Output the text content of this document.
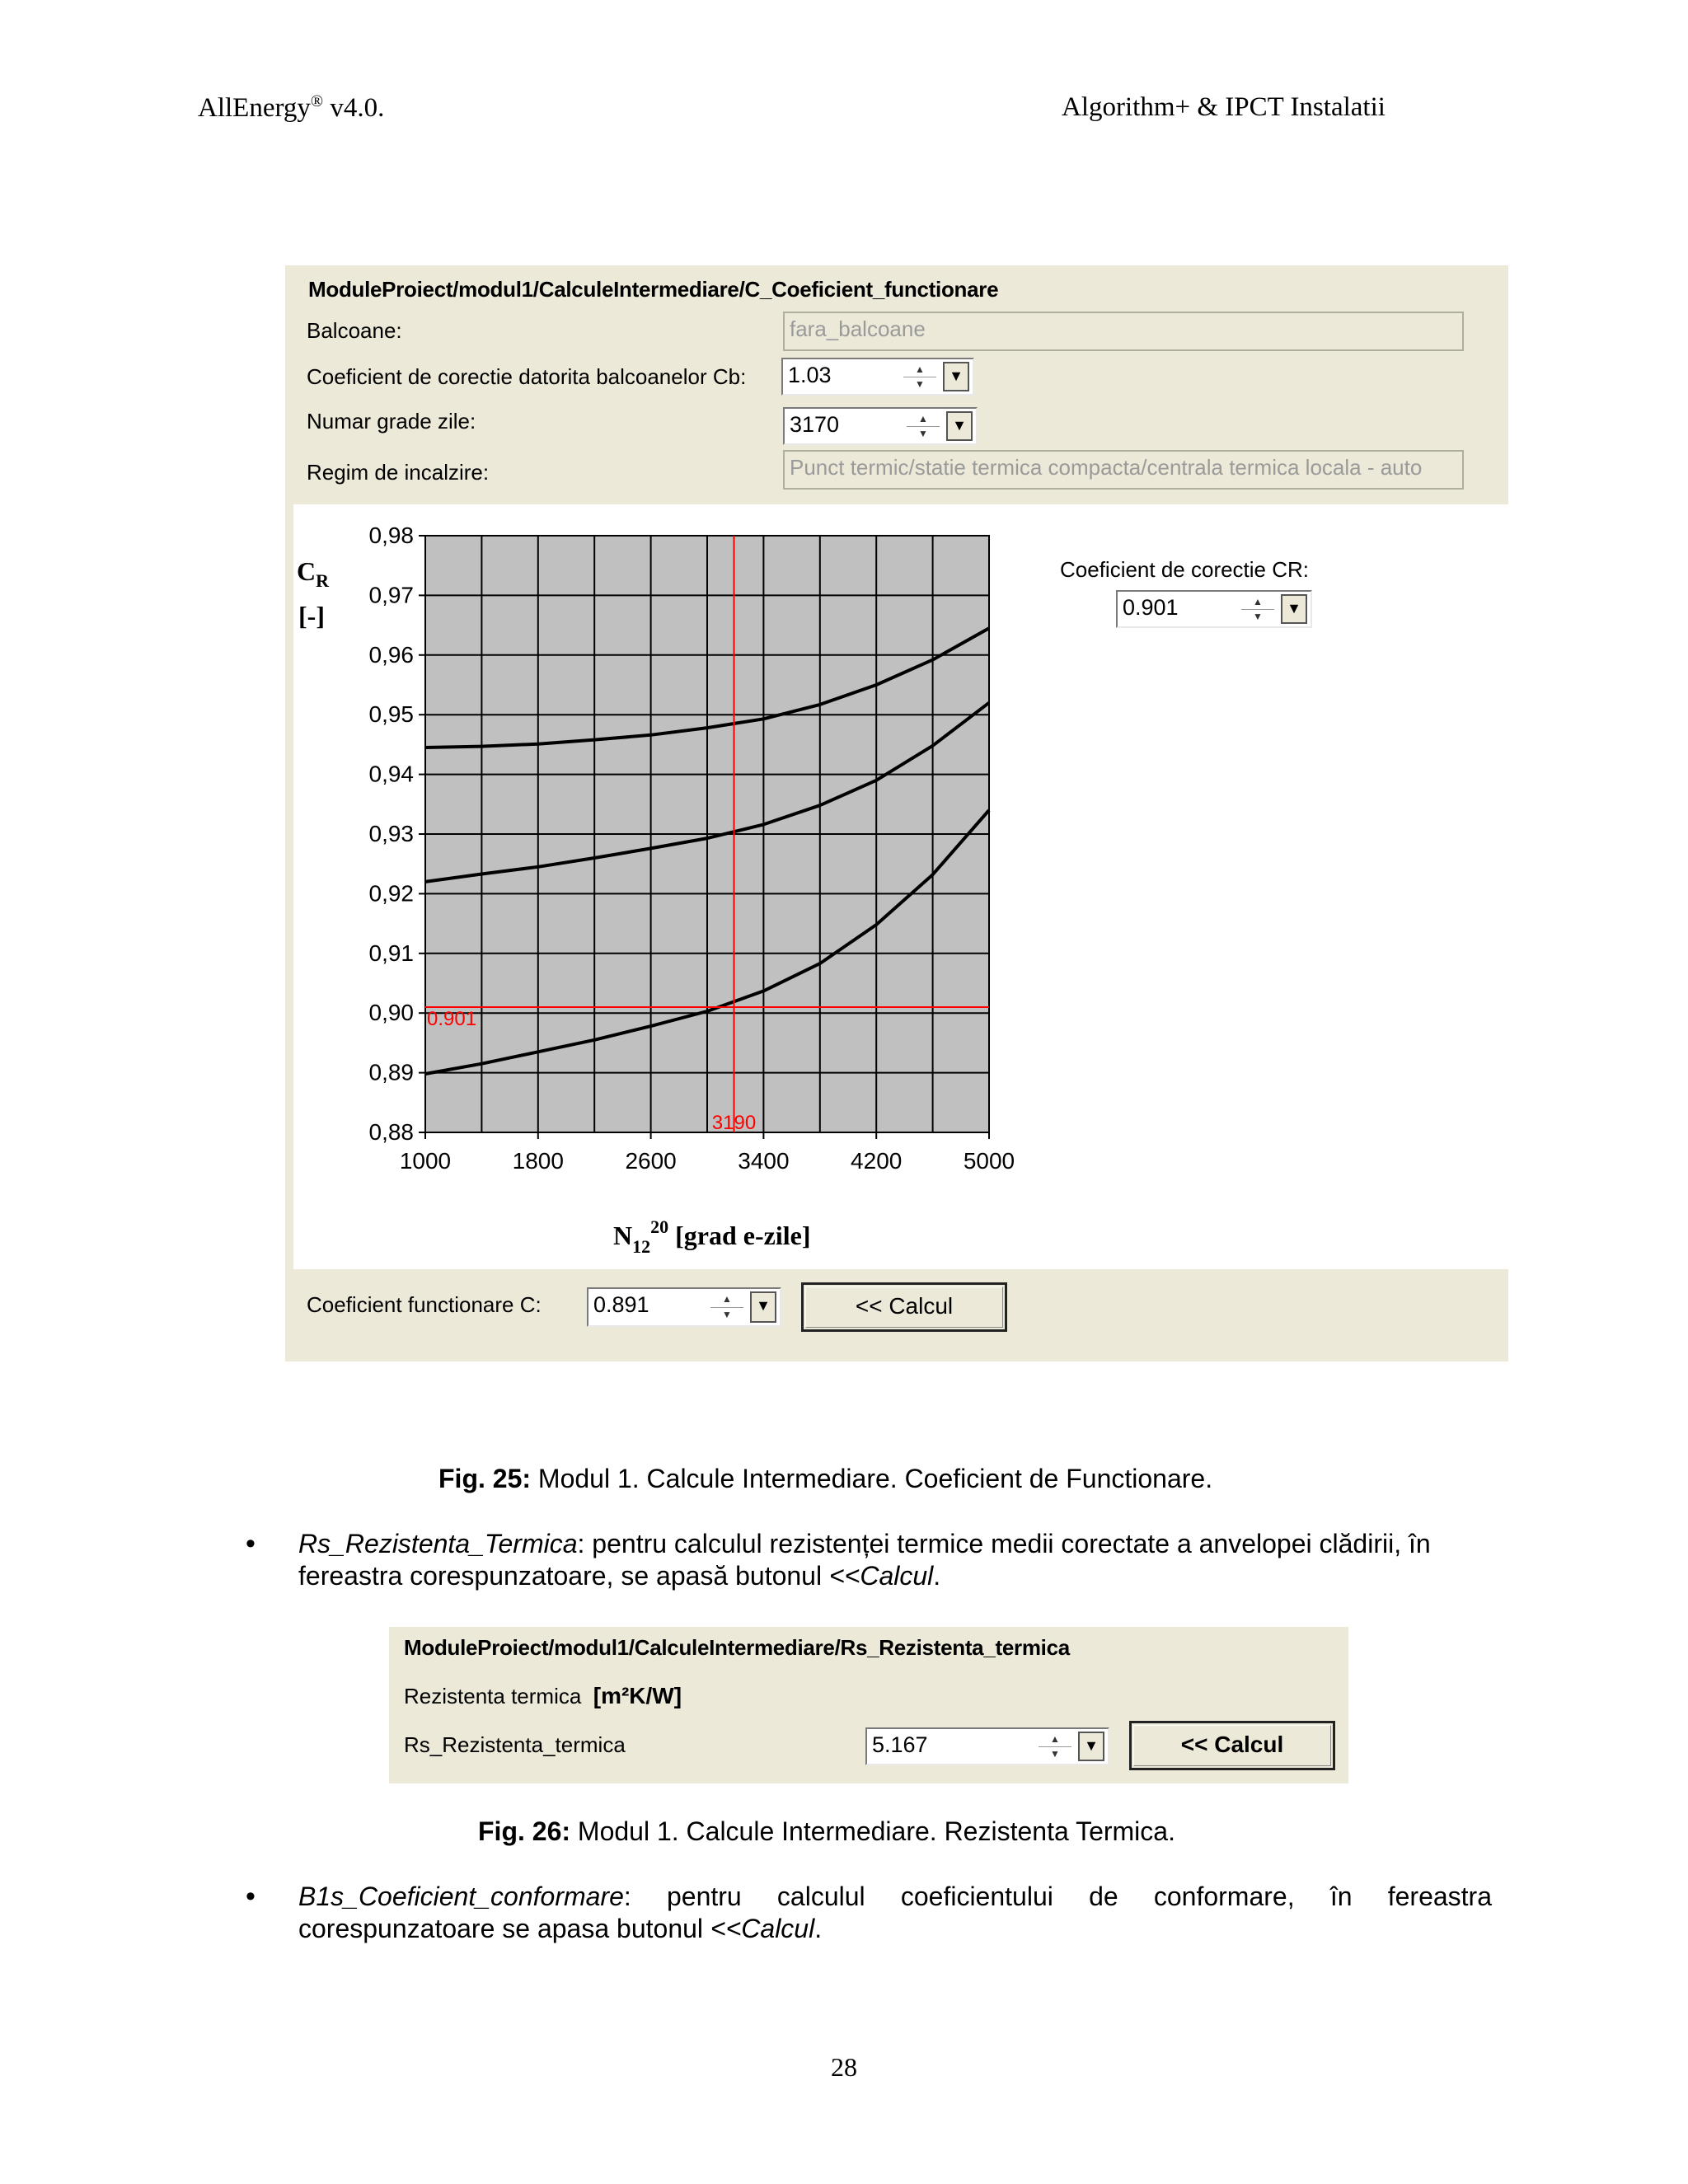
AllEnergy® v4.0.	Algorithm+ & IPCT Instalatii
ModuleProiect/modul1/CalculeIntermediare/C_Coeficient_functionare
Balcoane:	fara_balcoane
Coeficient de corectie datorita balcoanelor Cb: 1.03	▲
▼	▼
Numar grade zile:	3170	▲
▼	▼
Regim de incalzire:	Punct termic/statie termica compacta/centrala termica locala - auto
3190
0.901
0,88
0,89
0,90
0,91
0,92
0,93
0,94
0,95
0,96
0,97
0,98
1000	1800	2600	3400	4200	5000
$C_R$
[-]
$N_{12}^{20}$ [grad e-zile]
Coeficient de corectie CR:
0.901	▲
▼	▼
Coeficient functionare C: 0.891	▲
▼
▼	<< Calcul
Fig. 25: Modul 1. Calcule Intermediare. Coeficient de Functionare.
• Rs_Rezistenta_Termica: pentru calculul rezistenței termice medii corectate a anvelopei clădirii, în
fereastra corespunzatoare, se apasă butonul <<Calcul.
ModuleProiect/modul1/CalculeIntermediare/Rs_Rezistenta_termica
Rezistenta termica [m²K/W]
Rs_Rezistenta_termica	5.167	▲
▼	▼	<< Calcul
Fig. 26: Modul 1. Calcule Intermediare. Rezistenta Termica.
• B1s_Coeficient_conformare: pentru calculul coeficientului de conformare, în fereastra
corespunzatoare se apasa butonul <<Calcul.
28
